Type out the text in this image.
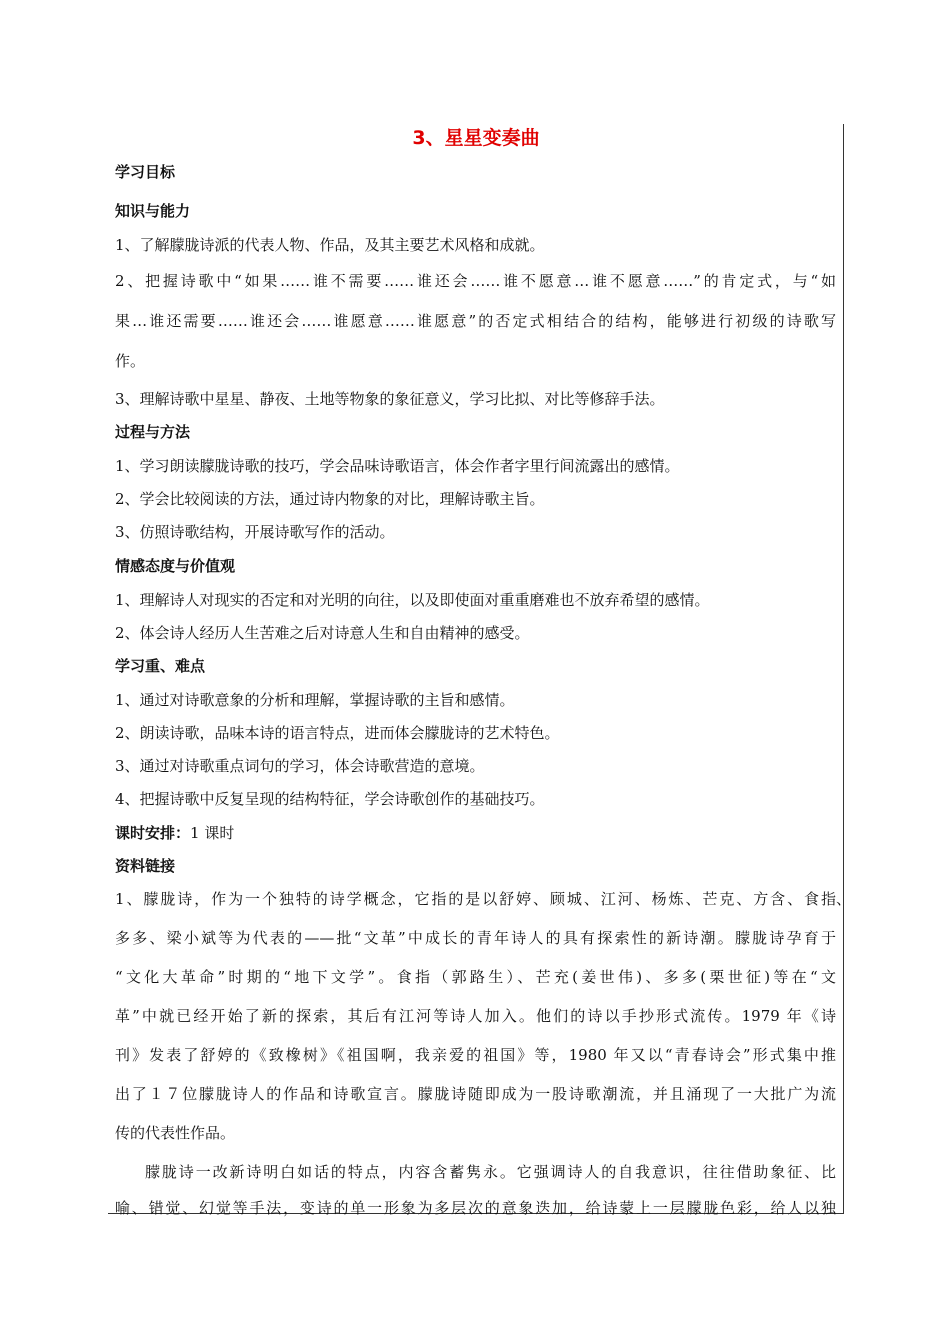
3、星星变奏曲
学习目标
知识与能力
1、了解朦胧诗派的代表人物、作品，及其主要艺术风格和成就。
2、把握诗歌中“如果……谁不需要……谁还会……谁不愿意…谁不愿意……”的肯定式，与“如
果…谁还需要……谁还会……谁愿意……谁愿意”的否定式相结合的结构，能够进行初级的诗歌写
作。
3、理解诗歌中星星、静夜、土地等物象的象征意义，学习比拟、对比等修辞手法。
过程与方法
1、学习朗读朦胧诗歌的技巧，学会品味诗歌语言，体会作者字里行间流露出的感情。
2、学会比较阅读的方法，通过诗内物象的对比，理解诗歌主旨。
3、仿照诗歌结构，开展诗歌写作的活动。
情感态度与价值观
1、理解诗人对现实的否定和对光明的向往，以及即使面对重重磨难也不放弃希望的感情。
2、体会诗人经历人生苦难之后对诗意人生和自由精神的感受。
学习重、难点
1、通过对诗歌意象的分析和理解，掌握诗歌的主旨和感情。
2、朗读诗歌，品味本诗的语言特点，进而体会朦胧诗的艺术特色。
3、通过对诗歌重点词句的学习，体会诗歌营造的意境。
4、把握诗歌中反复呈现的结构特征，学会诗歌创作的基础技巧。
课时安排：1 课时
资料链接
1、朦胧诗，作为一个独特的诗学概念，它指的是以舒婷、顾城、江河、杨炼、芒克、方含、食指 、
多多、梁小斌等为代表的——批“文革”中成长的青年诗人的具有探索性的新诗潮。朦胧诗孕育于
“文化大革命”时期的“地下文学”。食指（郭路生）、芒充(姜世伟)、多多(栗世征)等在“文
革”中就已经开始了新的探索，其后有江河等诗人加入。他们的诗以手抄形式流传。1979 年《诗
刊》发表了舒婷的《致橡树》《祖国啊，我亲爱的祖国》等，1980 年又以“青春诗会”形式集中推
出了１７位朦胧诗人的作品和诗歌宣言。朦胧诗随即成为一股诗歌潮流，并且涌现了一大批广为流
传的代表性作品。
朦胧诗一改新诗明白如话的特点，内容含蓄隽永。它强调诗人的自我意识，往往借助象征、比
喻、错觉、幻觉等手法，变诗的单一形象为多层次的意象迭加，给诗蒙上一层朦胧色彩，给人以独
